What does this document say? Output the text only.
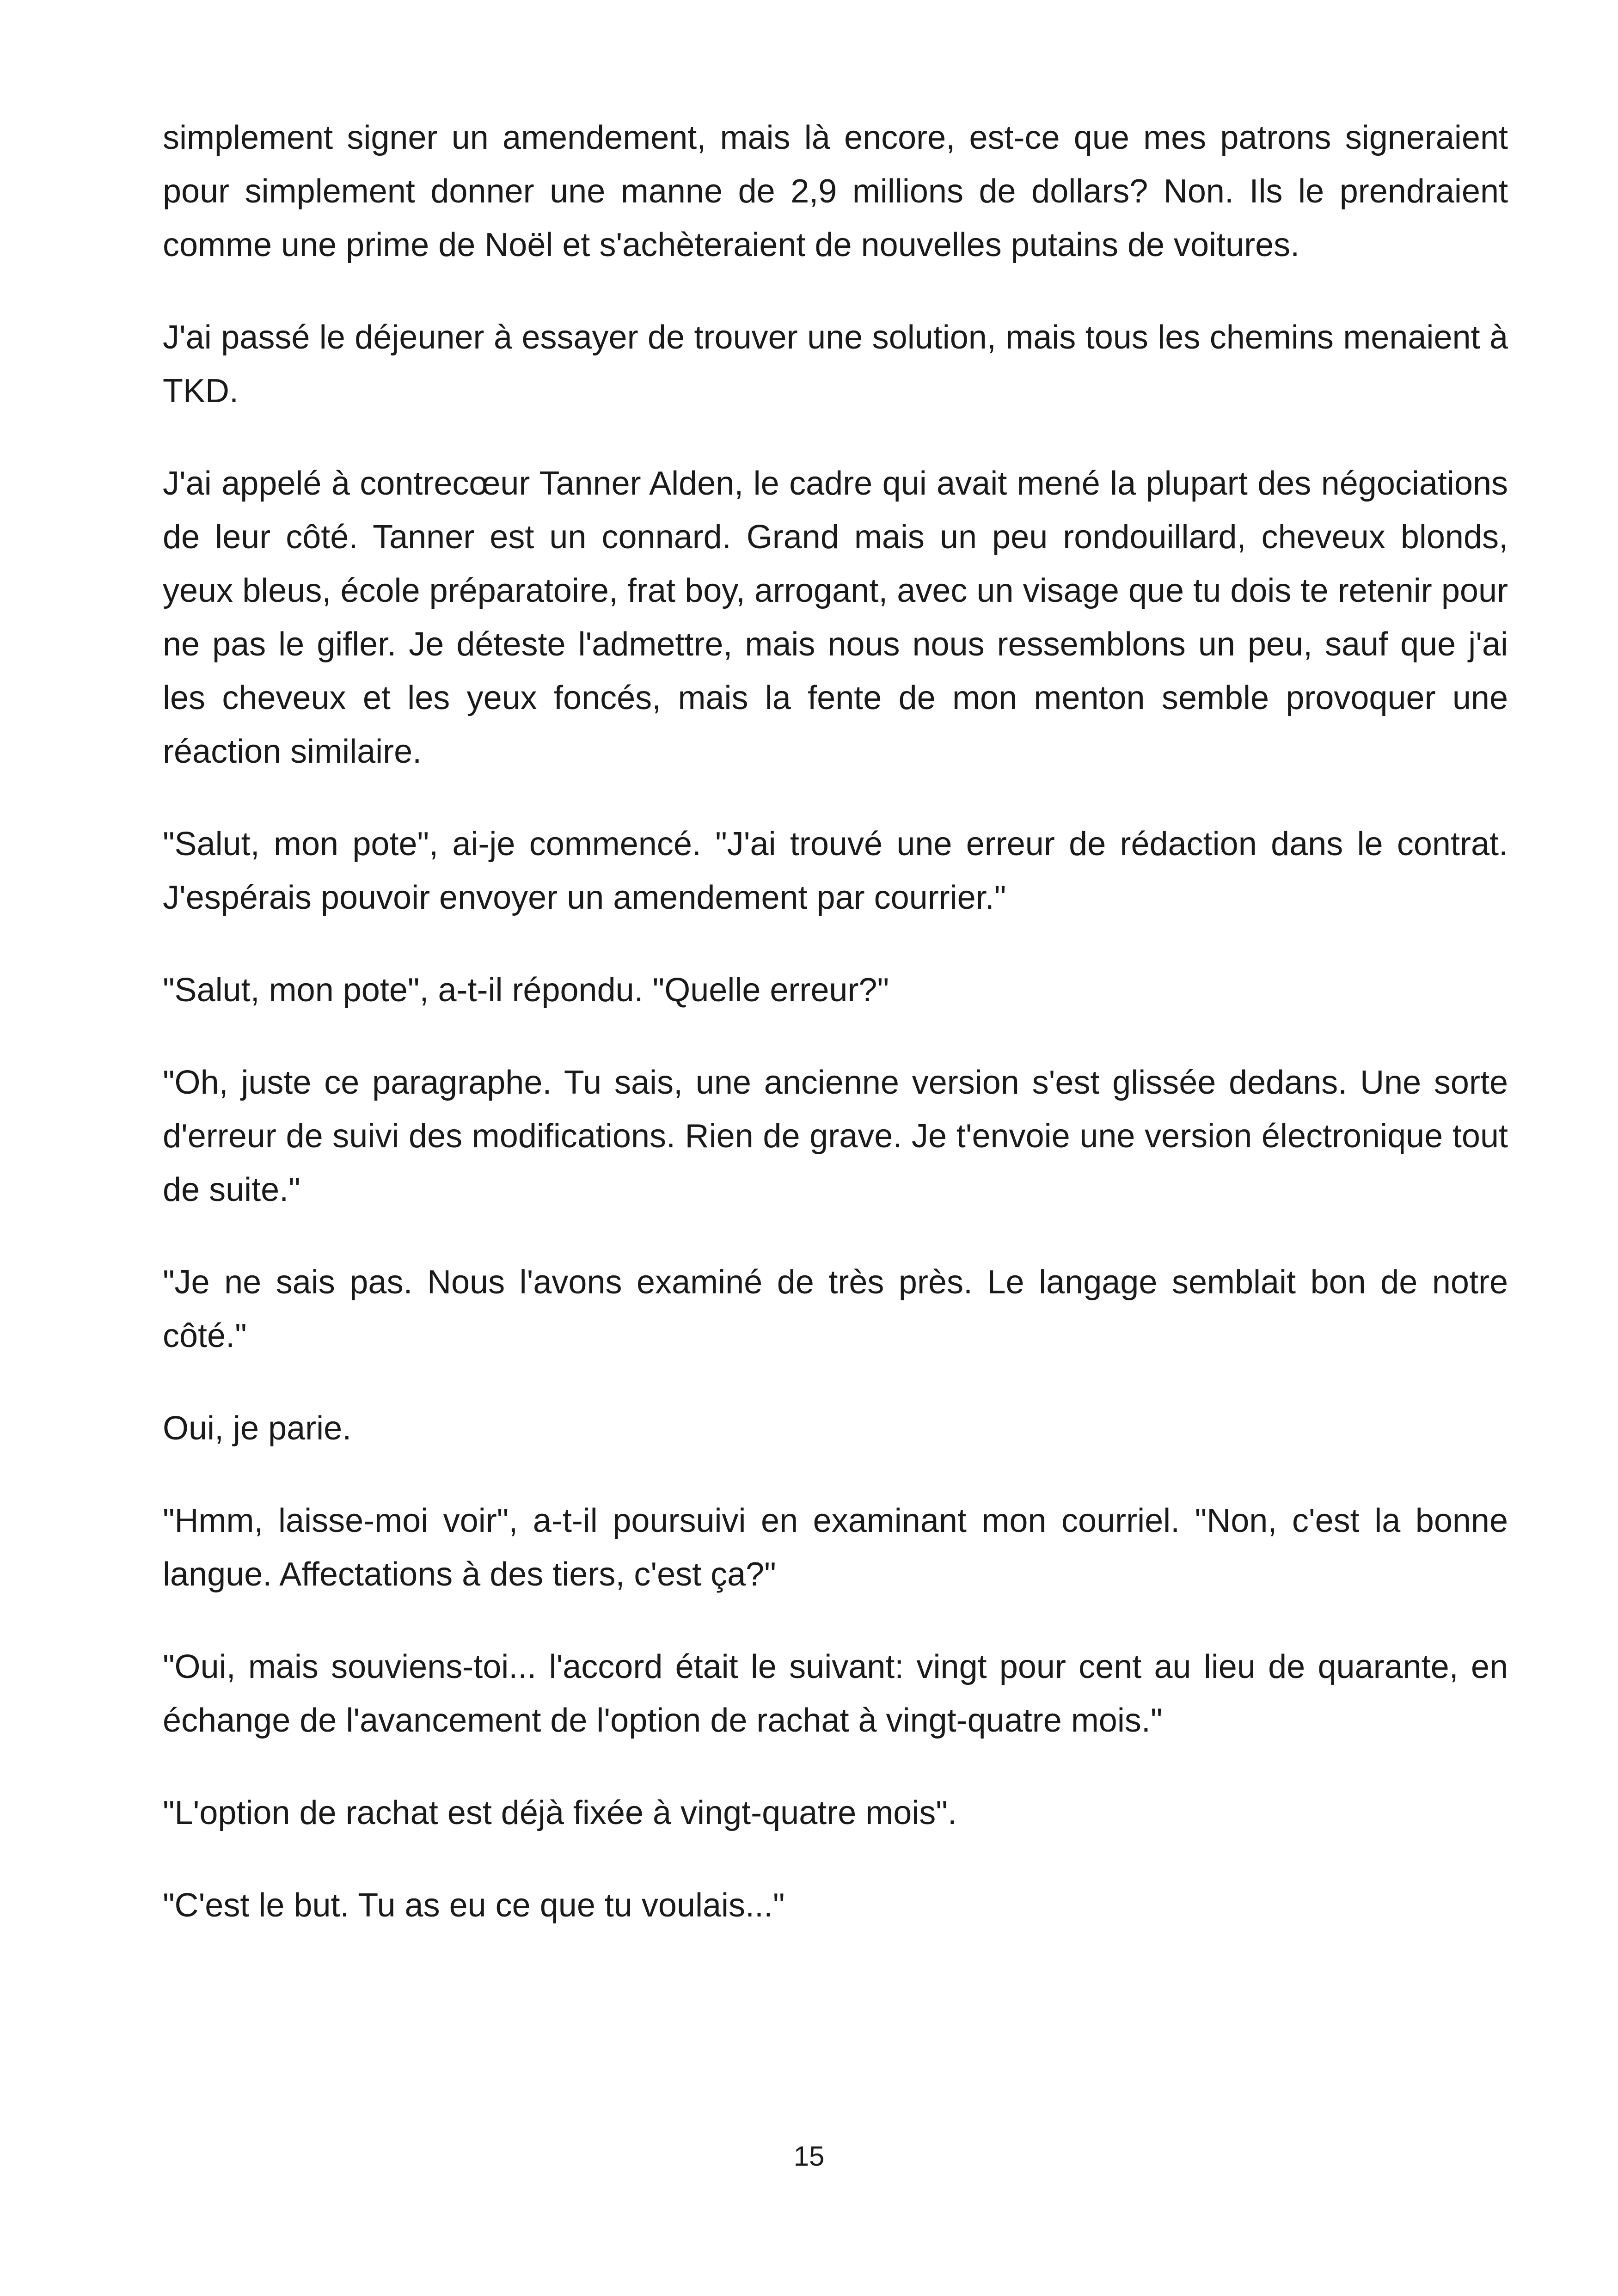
simplement signer un amendement, mais là encore, est-ce que mes patrons signeraient pour simplement donner une manne de 2,9 millions de dollars? Non. Ils le prendraient comme une prime de Noël et s'achèteraient de nouvelles putains de voitures.

J'ai passé le déjeuner à essayer de trouver une solution, mais tous les chemins menaient à TKD.

J'ai appelé à contrecœur Tanner Alden, le cadre qui avait mené la plupart des négociations de leur côté. Tanner est un connard. Grand mais un peu rondouillard, cheveux blonds, yeux bleus, école préparatoire, frat boy, arrogant, avec un visage que tu dois te retenir pour ne pas le gifler. Je déteste l'admettre, mais nous nous ressemblons un peu, sauf que j'ai les cheveux et les yeux foncés, mais la fente de mon menton semble provoquer une réaction similaire.

"Salut, mon pote", ai-je commencé. "J'ai trouvé une erreur de rédaction dans le contrat. J'espérais pouvoir envoyer un amendement par courrier."

"Salut, mon pote", a-t-il répondu. "Quelle erreur?"

"Oh, juste ce paragraphe. Tu sais, une ancienne version s'est glissée dedans. Une sorte d'erreur de suivi des modifications. Rien de grave. Je t'envoie une version électronique tout de suite."

"Je ne sais pas. Nous l'avons examiné de très près. Le langage semblait bon de notre côté."

Oui, je parie.

"Hmm, laisse-moi voir", a-t-il poursuivi en examinant mon courriel. "Non, c'est la bonne langue. Affectations à des tiers, c'est ça?"

"Oui, mais souviens-toi... l'accord était le suivant: vingt pour cent au lieu de quarante, en échange de l'avancement de l'option de rachat à vingt-quatre mois."

"L'option de rachat est déjà fixée à vingt-quatre mois".

"C'est le but. Tu as eu ce que tu voulais..."

15
